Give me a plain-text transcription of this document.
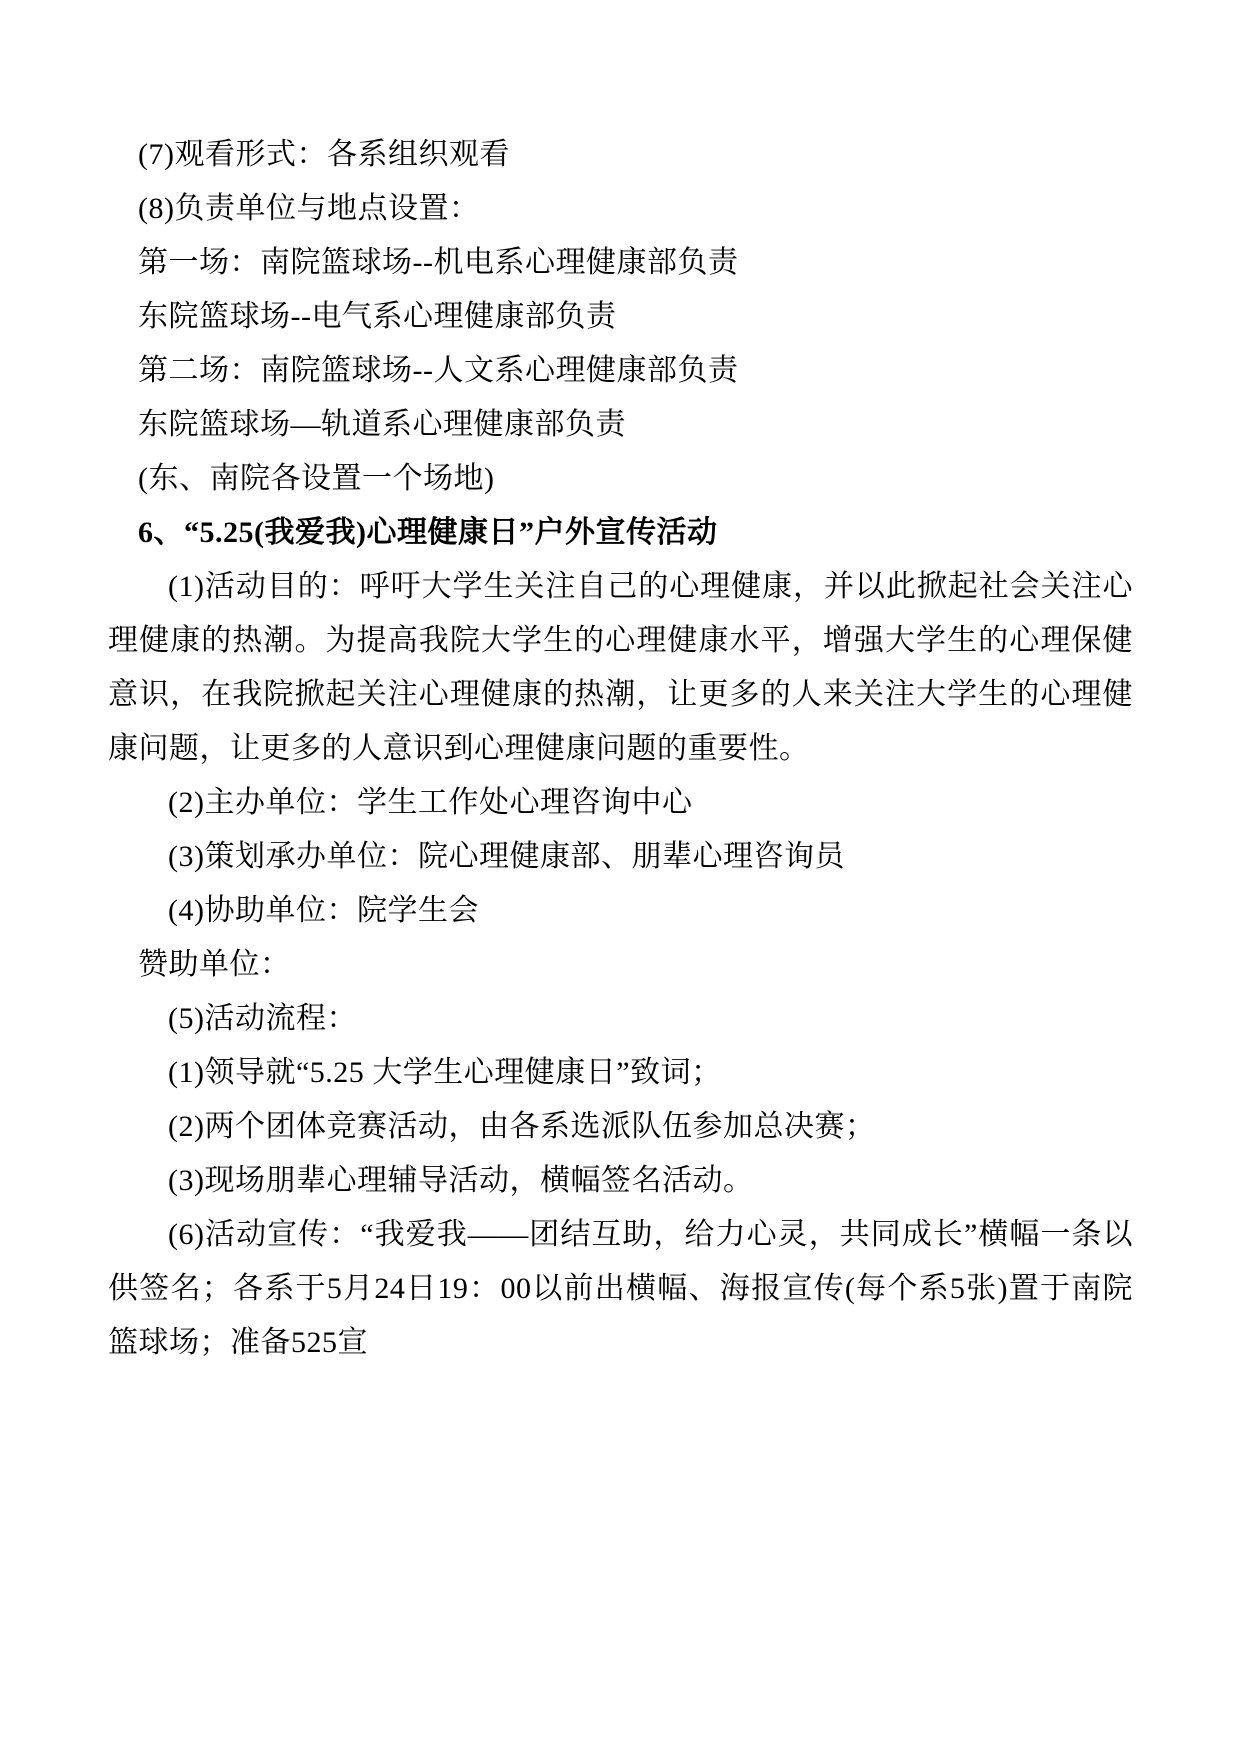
(7)观看形式：各系组织观看

(8)负责单位与地点设置：

第一场：南院篮球场--机电系心理健康部负责

东院篮球场--电气系心理健康部负责

第二场：南院篮球场--人文系心理健康部负责

东院篮球场—轨道系心理健康部负责

(东、南院各设置一个场地)

6、“5.25(我爱我)心理健康日”户外宣传活动

(1)活动目的：呼吁大学生关注自己的心理健康，并以此掀起社会关注心理健康的热潮。为提高我院大学生的心理健康水平，增强大学生的心理保健意识，在我院掀起关注心理健康的热潮，让更多的人来关注大学生的心理健康问题，让更多的人意识到心理健康问题的重要性。

(2)主办单位：学生工作处心理咨询中心

(3)策划承办单位：院心理健康部、朋辈心理咨询员

(4)协助单位：院学生会

赞助单位：

(5)活动流程：

(1)领导就“5.25 大学生心理健康日”致词；

(2)两个团体竞赛活动，由各系选派队伍参加总决赛；

(3)现场朋辈心理辅导活动，横幅签名活动。

(6)活动宣传：“我爱我——团结互助，给力心灵，共同成长”横幅一条以供签名；各系于5月24日19：00以前出横幅、海报宣传(每个系5张)置于南院篮球场；准备525宣
